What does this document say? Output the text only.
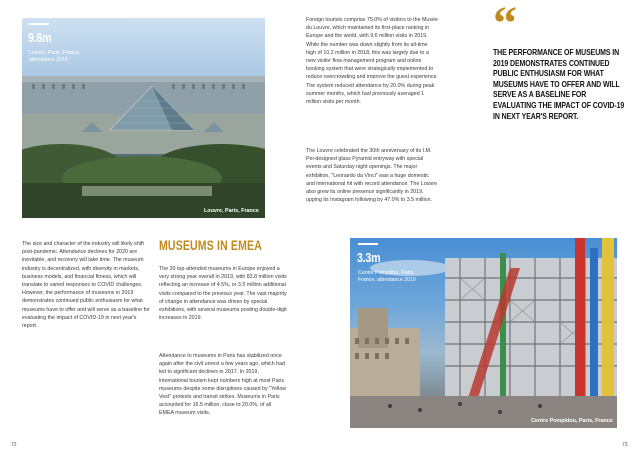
9.6m
Louvre, Paris, France, attendance 2019
Louvre, Paris, France

The size and character of the industry will likely shift post-pandemic. Attendance declines for 2020 are inevitable, and recovery will take time. The museum industry is decentralized, with diversity in markets, business models, and financial fitness, which will translate to varied responses to COVID challenges. However, the performance of museums in 2019 demonstrates continued public enthusiasm for what museums have to offer and will serve as a baseline for evaluating the impact of COVID-19 in next year's report.

MUSEUMS IN EMEA

The 20 top-attended museums in Europe enjoyed a very strong year overall in 2019, with 83.8 million visits reflecting an increase of 4.5%, or 3.5 million additional visits compared to the previous year. The vast majority of change in attendance was driven by special exhibitions, with several museums posting double-digit increases in 2019.

Attendance to museums in Paris has stabilized once again after the civil unrest a few years ago, which had led to significant declines in 2017. In 2019, international tourism kept numbers high at most Paris museums despite some disruptions caused by "Yellow Vest" protests and transit strikes. Museums in Paris accounted for 16.5 million, close to 20.0%, of all EMEA museum visits.

Foreign tourists comprise 75.0% of visitors to the Musée du Louvre, which maintained its first-place ranking in Europe and the world, with 9.6 million visits in 2019. While the number was down slightly from its all-time high of 10.2 million in 2018, this was largely due to a new visitor flow management program and online booking system that were strategically implemented to reduce overcrowding and improve the guest experience. The system reduced attendance by 20.0% during peak summer months, which had previously averaged 1 million visits per month.

The Louvre celebrated the 30th anniversary of its I.M. Pei-designed glass Pyramid entryway with special events and Saturday night openings. The major exhibition, "Leonardo da Vinci" was a huge domestic and international hit with record attendance. The Louvre also grew its online presence significantly in 2019, upping its Instagram following by 47.0% to 3.5 million.

“
THE PERFORMANCE OF MUSEUMS IN 2019 DEMONSTRATES CONTINUED PUBLIC ENTHUSIASM FOR WHAT MUSEUMS HAVE TO OFFER AND WILL SERVE AS A BASELINE FOR EVALUATING THE IMPACT OF COVID-19 IN NEXT YEAR'S REPORT.
3.3m
Centre Pompidou, Paris, France, attendance 2019
Centre Pompidou, Paris, France
72	73
